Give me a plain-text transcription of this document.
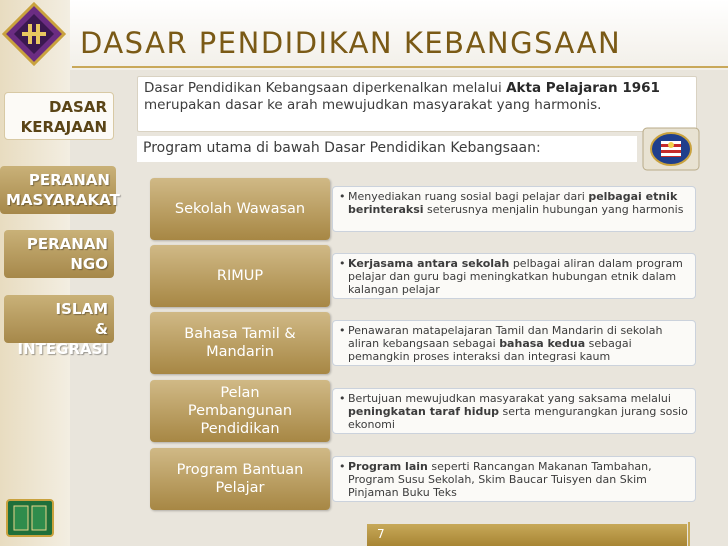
DASAR PENDIDIKAN KEBANGSAAN
DASAR
KERAJAAN
PERANAN
MASYARAKAT
PERANAN
NGO
ISLAM
& INTEGRASI
Dasar Pendidikan Kebangsaan diperkenalkan melalui Akta Pelajaran 1961 merupakan dasar ke arah mewujudkan masyarakat yang harmonis.
Program utama di bawah Dasar Pendidikan Kebangsaan:
Sekolah Wawasan
• Menyediakan ruang sosial bagi pelajar dari pelbagai etnik berinteraksi seterusnya menjalin hubungan yang harmonis
RIMUP
• Kerjasama antara sekolah pelbagai aliran dalam program pelajar dan guru bagi meningkatkan hubungan etnik dalam kalangan pelajar
Bahasa Tamil &
Mandarin
• Penawaran matapelajaran Tamil dan Mandarin di sekolah aliran kebangsaan sebagai bahasa kedua sebagai pemangkin proses interaksi dan integrasi kaum
Pelan
Pembangunan
Pendidikan
• Bertujuan mewujudkan masyarakat yang saksama melalui peningkatan taraf hidup serta mengurangkan jurang sosio ekonomi
Program Bantuan
Pelajar
• Program lain seperti Rancangan Makanan Tambahan, Program Susu Sekolah, Skim Baucar Tuisyen dan Skim Pinjaman Buku Teks
7
